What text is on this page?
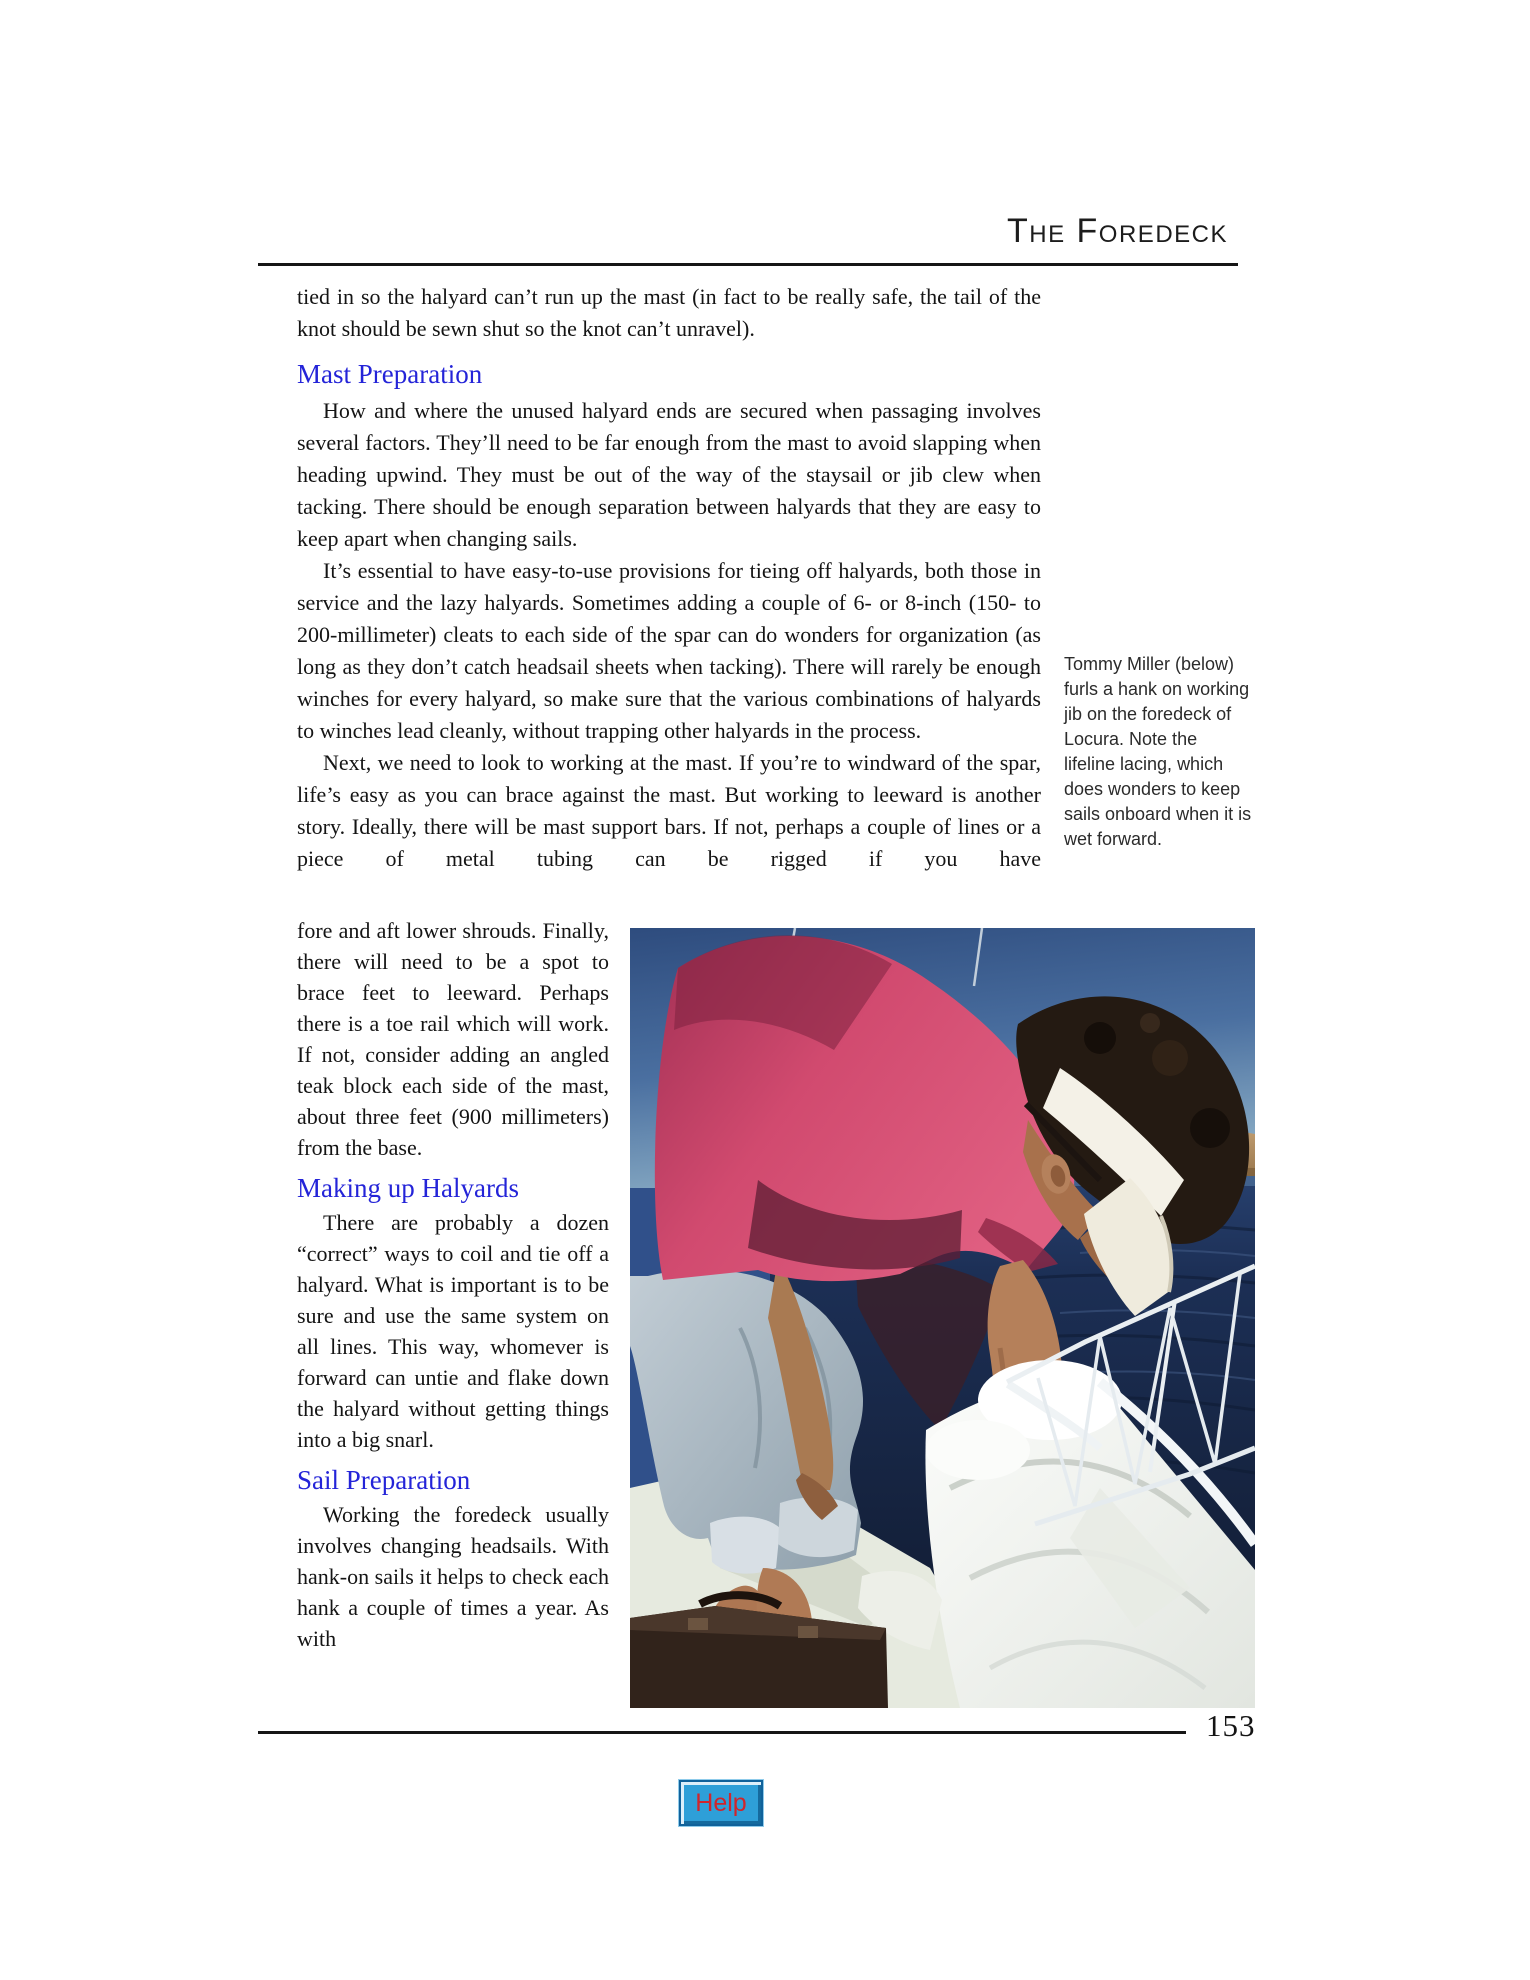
The Foredeck

tied in so the halyard can’t run up the mast (in fact to be really safe, the tail of the knot should be sewn shut so the knot can’t unravel).

Mast Preparation

How and where the unused halyard ends are secured when passaging involves several factors. They’ll need to be far enough from the mast to avoid slapping when heading upwind. They must be out of the way of the staysail or jib clew when tacking. There should be enough separation between halyards that they are easy to keep apart when changing sails.

It’s essential to have easy-to-use provisions for tieing off halyards, both those in service and the lazy halyards. Sometimes adding a couple of 6- or 8-inch (150- to 200-millimeter) cleats to each side of the spar can do wonders for organization (as long as they don’t catch headsail sheets when tacking). There will rarely be enough winches for every halyard, so make sure that the various combinations of halyards to winches lead cleanly, without trapping other halyards in the process.

Next, we need to look to working at the mast. If you’re to windward of the spar, life’s easy as you can brace against the mast. But working to leeward is another story. Ideally, there will be mast support bars. If not, perhaps a couple of lines or a piece of metal tubing can be rigged if you have

fore and aft lower shrouds. Finally, there will need to be a spot to brace feet to leeward. Perhaps there is a toe rail which will work. If not, consider adding an angled teak block each side of the mast, about three feet (900 millimeters) from the base.

Making up Halyards

There are probably a dozen “correct” ways to coil and tie off a halyard. What is important is to be sure and use the same system on all lines. This way, whomever is forward can untie and flake down the halyard without getting things into a big snarl.

Sail Preparation

Working the foredeck usually involves changing headsails. With hank-on sails it helps to check each hank a couple of times a year. As with

Tommy Miller (below) furls a hank on working jib on the foredeck of Locura. Note the lifeline lacing, which does wonders to keep sails onboard when it is wet forward.
153
Help
